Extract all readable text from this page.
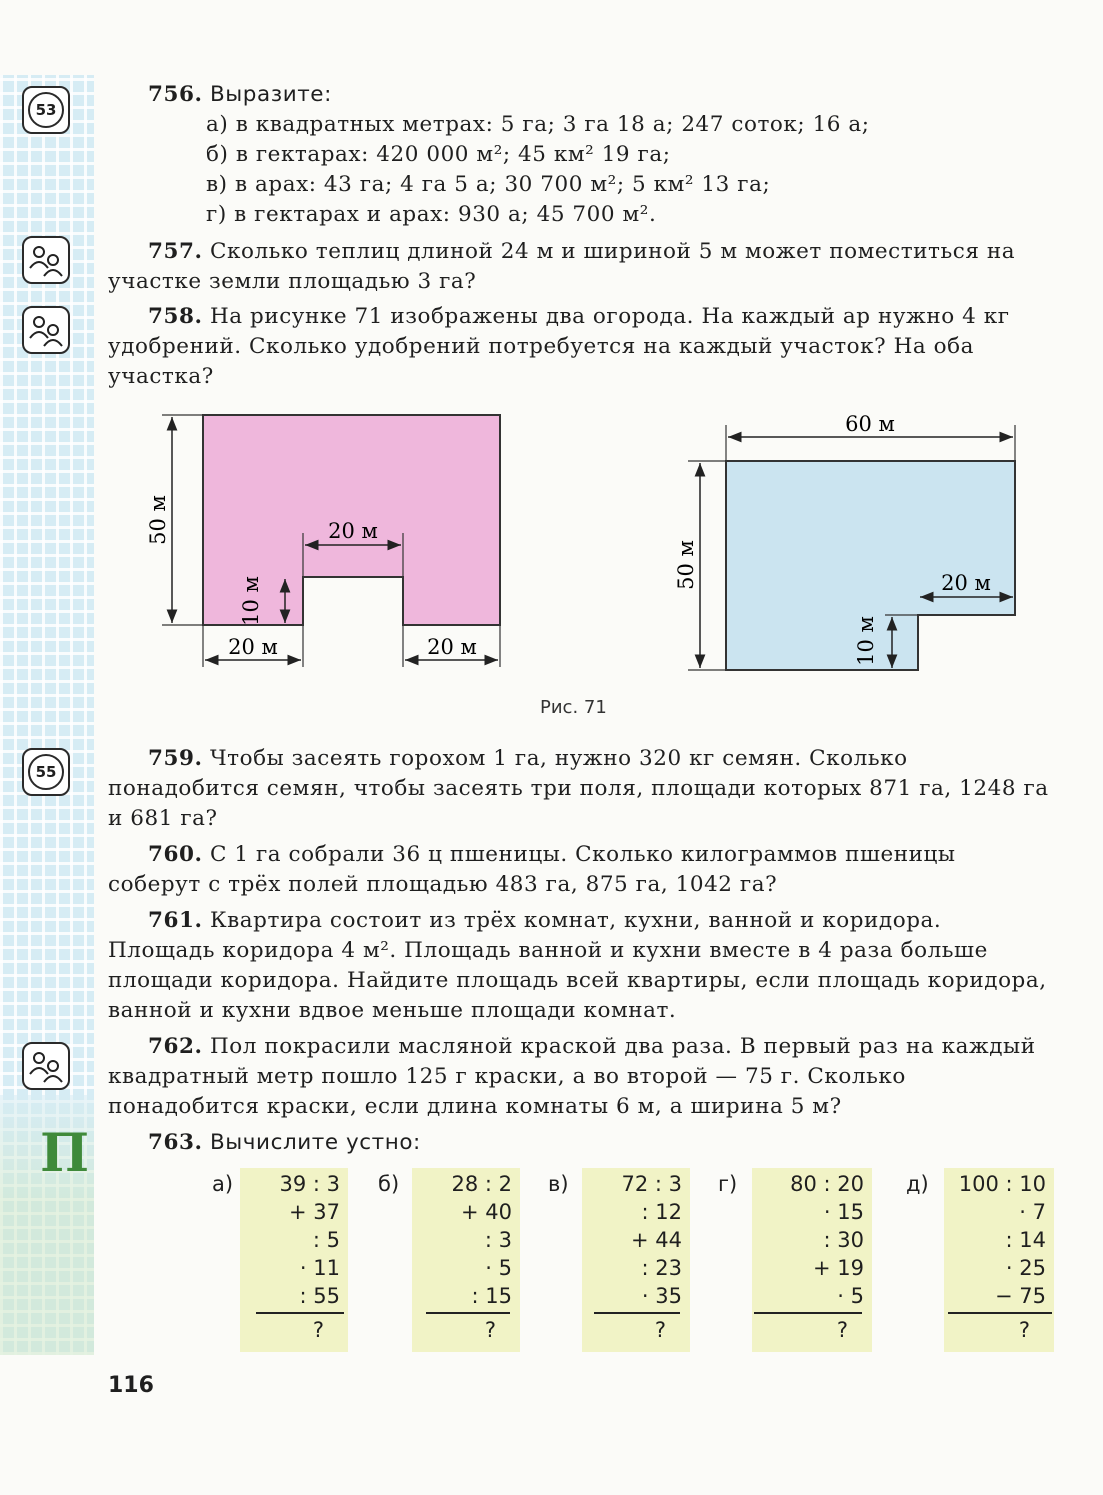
53
55
П
756. Выразите:
а) в квадратных метрах: 5 га; 3 га 18 а; 247 соток; 16 а;
б) в гектарах: 420 000 м²; 45 км² 19 га;
в) в арах: 43 га; 4 га 5 а; 30 700 м²; 5 км² 13 га;
г) в гектарах и арах: 930 а; 45 700 м².
757. Сколько теплиц длиной 24 м и шириной 5 м может поместиться на участке земли площадью 3 га?
758. На рисунке 71 изображены два огорода. На каждый ар нужно 4 кг удобрений. Сколько удобрений потребуется на каждый участок? На оба участка?
50 м	20 м
10 м
20 м	20 м
60 м
50 м	20 м
10 м
Рис. 71
759. Чтобы засеять горохом 1 га, нужно 320 кг семян. Сколько понадобится семян, чтобы засеять три поля, площади которых 871 га, 1248 га и 681 га?
760. С 1 га собрали 36 ц пшеницы. Сколько килограммов пшеницы соберут с трёх полей площадью 483 га, 875 га, 1042 га?
761. Квартира состоит из трёх комнат, кухни, ванной и коридора. Площадь коридора 4 м². Площадь ванной и кухни вместе в 4 раза больше площади коридора. Найдите площадь всей квартиры, если площадь коридора, ванной и кухни вдвое меньше площади комнат.
762. Пол покрасили масляной краской два раза. В первый раз на каждый квадратный метр пошло 125 г краски, а во второй — 75 г. Сколько понадобится краски, если длина комнаты 6 м, а ширина 5 м?
763. Вычислите устно:
а) 39 : 3
+ 37
: 5
· 11
: 55
?
б) 28 : 2
+ 40
: 3
· 5
: 15
?
в)	72 : 3
: 12
+ 44
: 23
· 35
?
г)	80 : 20
· 15
: 30
+ 19
· 5
?
д) 100 : 10
· 7
: 14
· 25
− 75
?
116
